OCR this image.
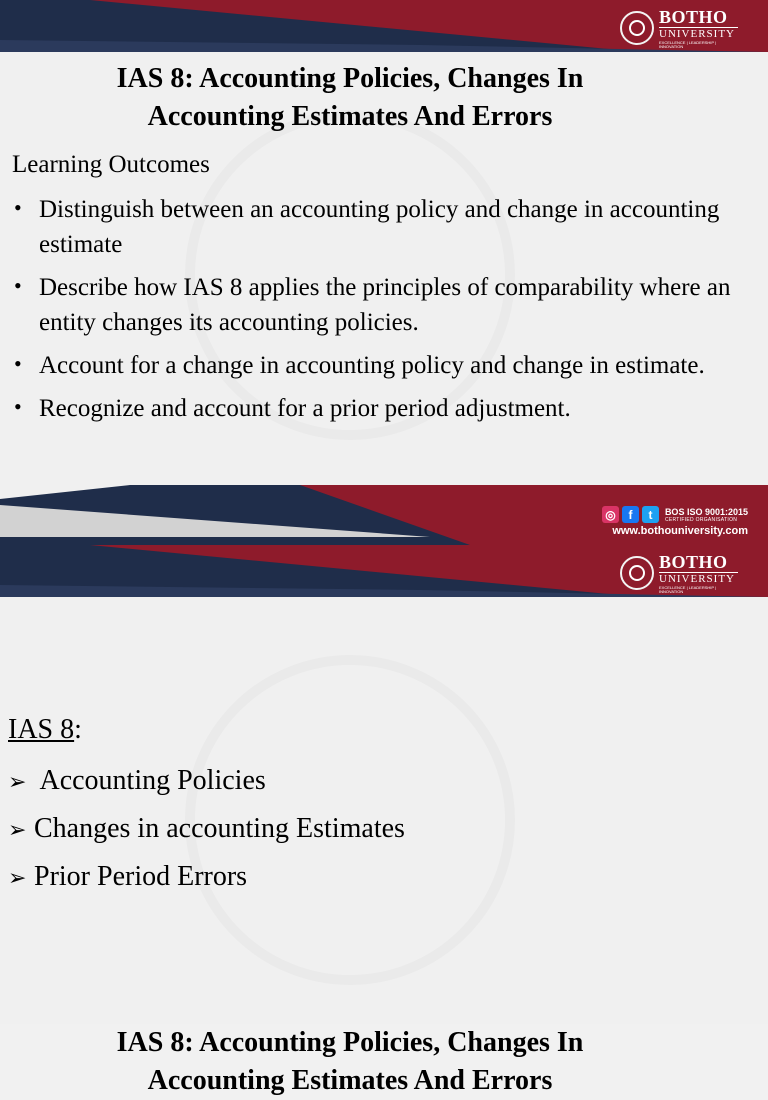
BOTHO
UNIVERSITY
EXCELLENCE | LEADERSHIP | INNOVATION
IAS 8: Accounting Policies, Changes In
Accounting Estimates And Errors
Learning Outcomes
• Distinguish between an accounting policy and change in accounting estimate
• Describe how IAS 8 applies the principles of comparability where an entity changes its accounting policies.
• Account for a change in accounting policy and change in estimate.
• Recognize and account for a prior period adjustment.
◎	f	t	BOS ISO 9001:2015
CERTIFIED ORGANISATION
www.bothouniversity.com
BOTHO
UNIVERSITY
EXCELLENCE | LEADERSHIP | INNOVATION
IAS 8: Accounting Policies, Changes In
Accounting Estimates And Errors
IAS 8:
➢ Accounting Policies
➢ Changes in accounting Estimates
➢ Prior Period Errors
